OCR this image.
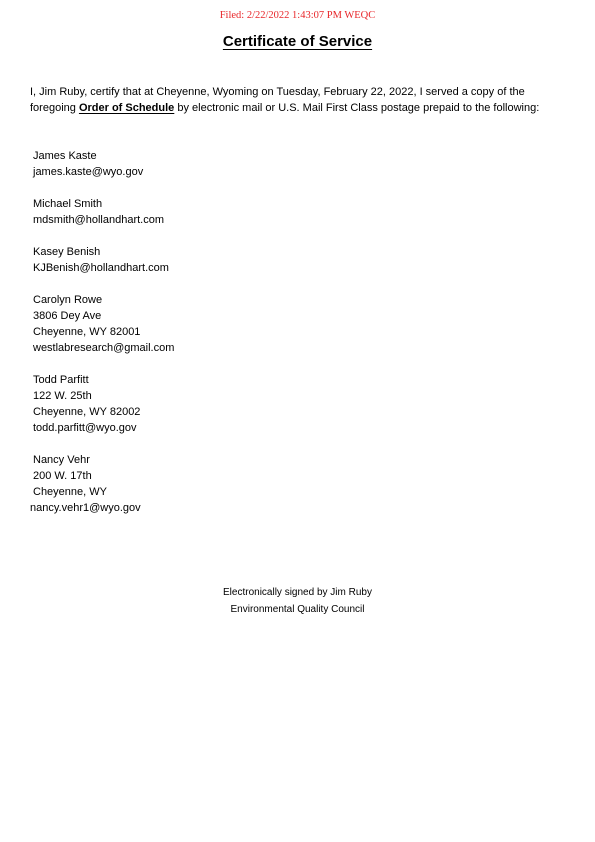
Filed: 2/22/2022 1:43:07 PM WEQC
Certificate of Service
I, Jim Ruby, certify that at Cheyenne, Wyoming on Tuesday, February 22, 2022, I served a copy of the foregoing Order of Schedule by electronic mail or U.S. Mail First Class postage prepaid to the following:
James Kaste
james.kaste@wyo.gov
Michael Smith
mdsmith@hollandhart.com
Kasey Benish
KJBenish@hollandhart.com
Carolyn Rowe
3806 Dey Ave
Cheyenne, WY 82001
westlabresearch@gmail.com
Todd Parfitt
122 W. 25th
Cheyenne, WY 82002
todd.parfitt@wyo.gov
Nancy Vehr
200 W. 17th
Cheyenne, WY
nancy.vehr1@wyo.gov
Electronically signed by Jim Ruby
Environmental Quality Council
